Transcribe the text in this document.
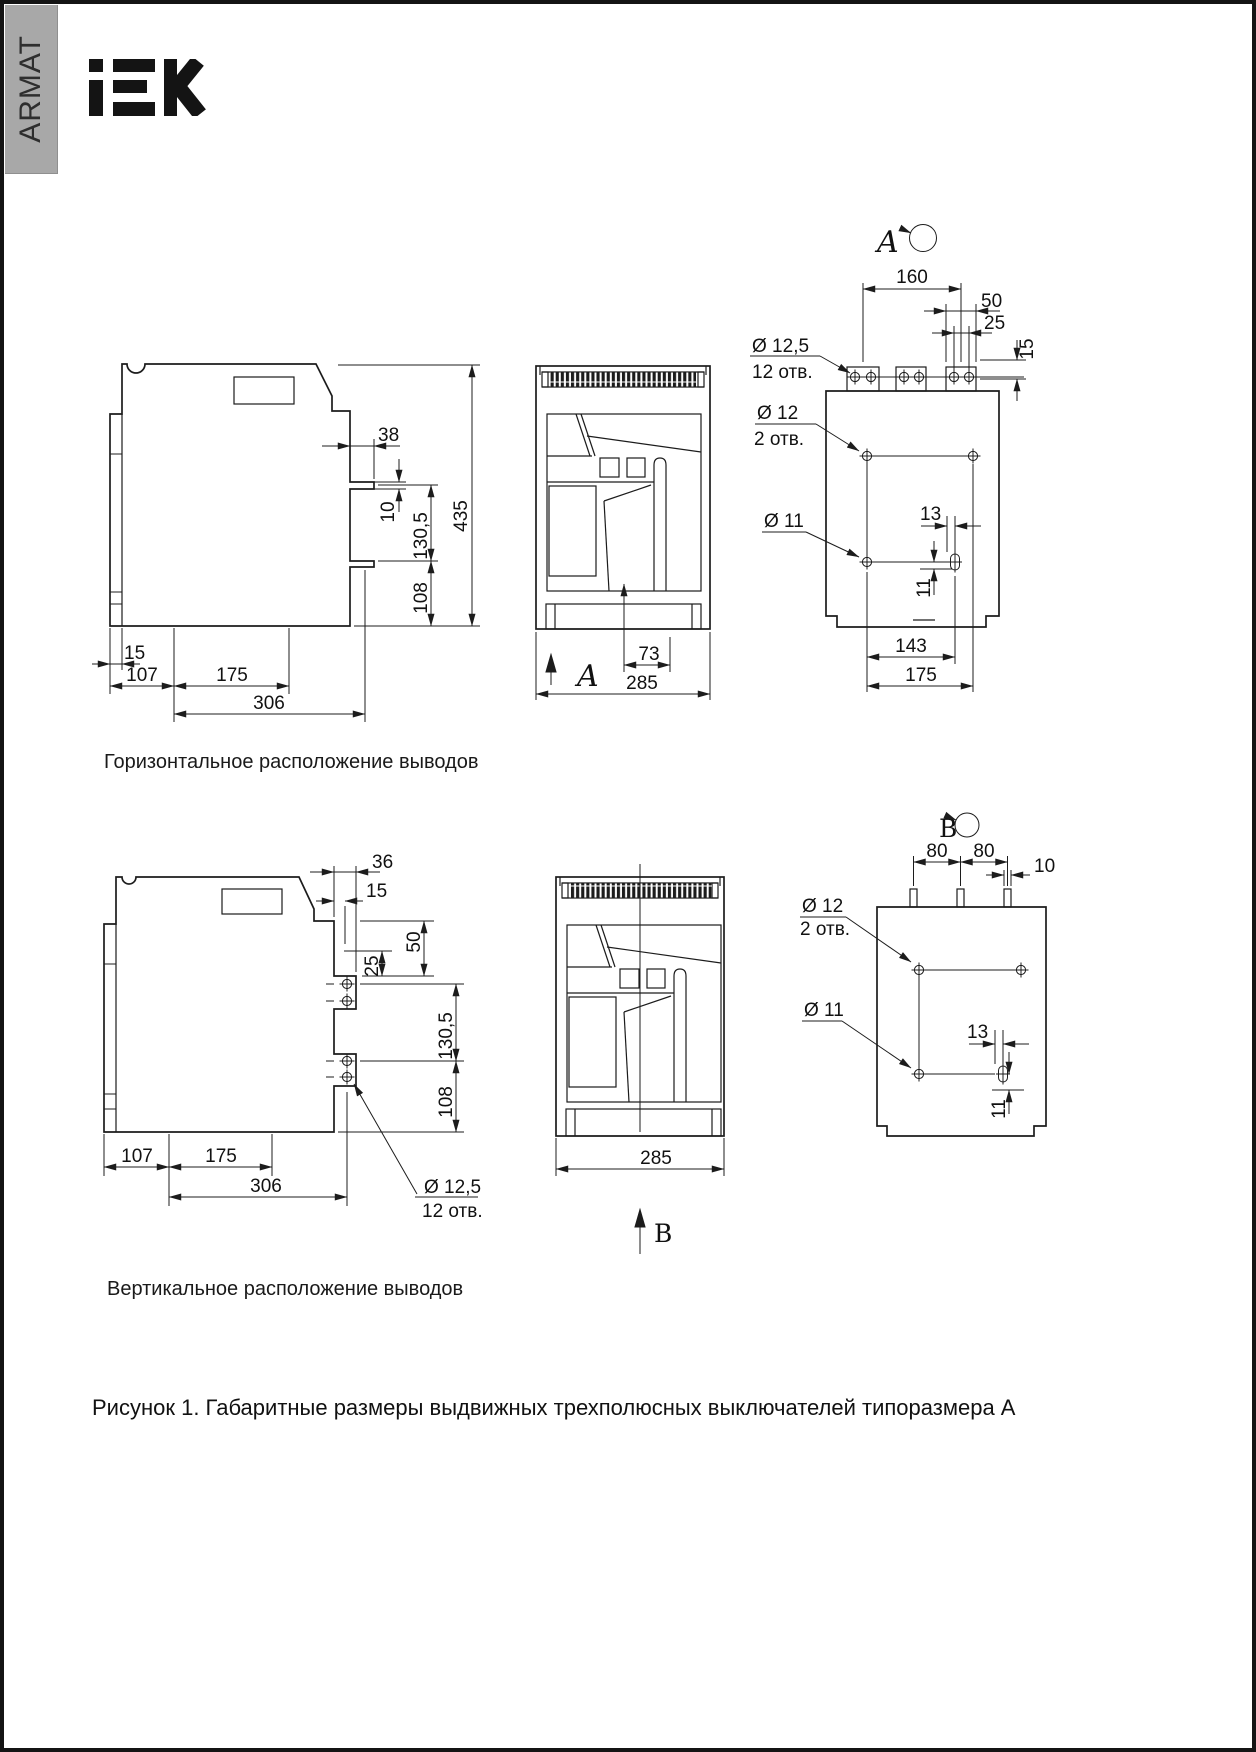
ARMAT
38
10
130,5
108
435
15
107	175
306
73
A 285
A
160
50
25
15
Ø 12,5
12 отв.
Ø 12
2 отв.
Ø 11	13
11
143
175
36
15
50
25
130,5
108
Ø 12,5
12 отв.
107	175
306
285
В
В
80 80
10
Ø 12
2 отв.
Ø 11
13
11
Горизонтальное расположение выводов
Вертикальное расположение выводов
Рисунок 1. Габаритные размеры выдвижных трехполюсных выключателей типоразмера А
